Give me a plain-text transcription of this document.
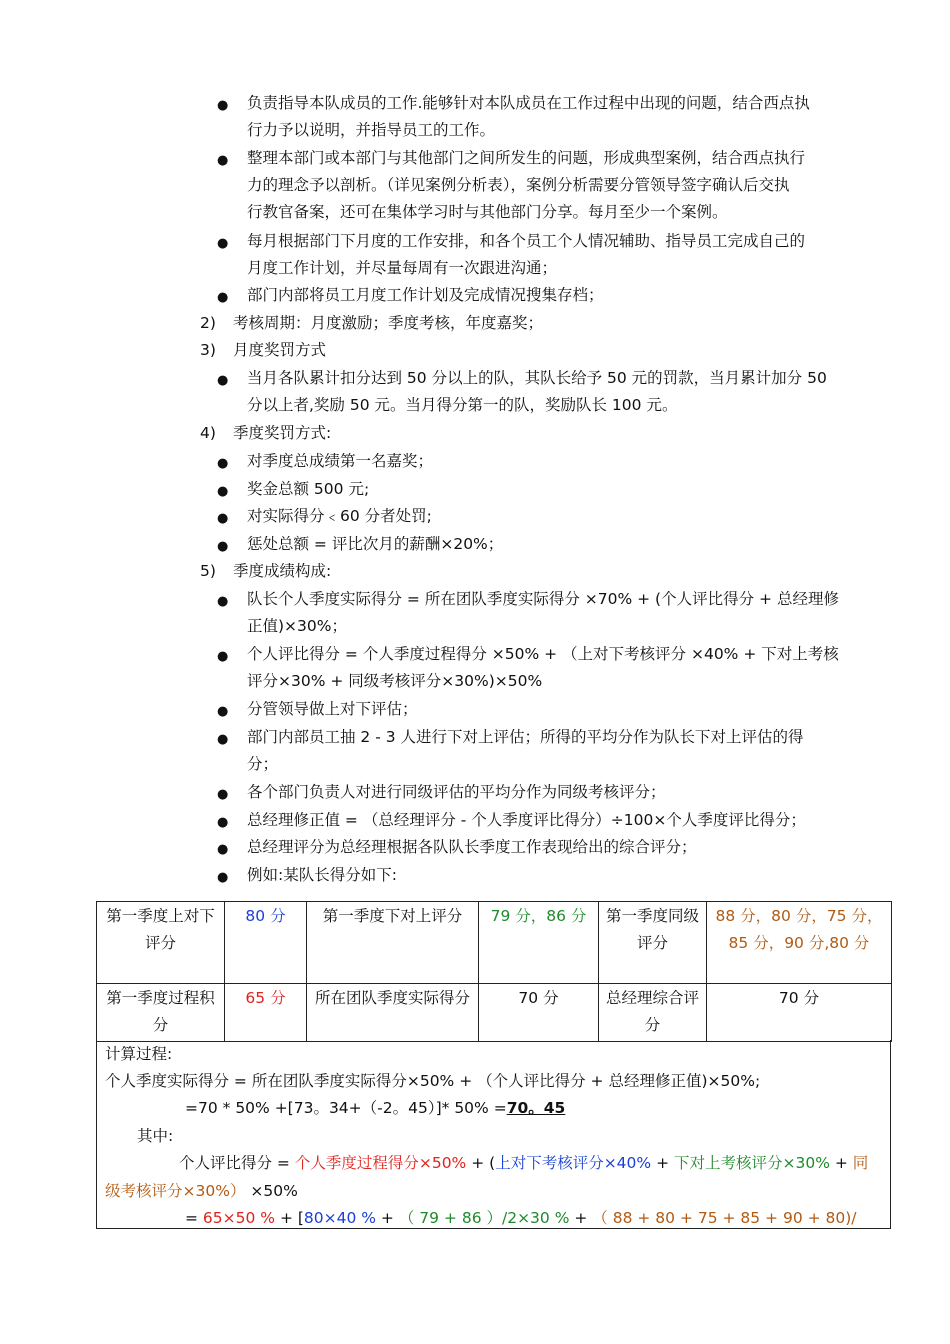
负责指导本队成员的工作.能够针对本队成员在工作过程中出现的问题，结合西点执
行力予以说明，并指导员工的工作。
整理本部门或本部门与其他部门之间所发生的问题，形成典型案例，结合西点执行
力的理念予以剖析。（详见案例分析表），案例分析需要分管领导签字确认后交执
行教官备案，还可在集体学习时与其他部门分享。每月至少一个案例。
每月根据部门下月度的工作安排，和各个员工个人情况辅助、指导员工完成自己的
月度工作计划，并尽量每周有一次跟进沟通；
部门内部将员工月度工作计划及完成情况搜集存档；
2) 考核周期：月度激励；季度考核，年度嘉奖；
3) 月度奖罚方式
当月各队累计扣分达到 50 分以上的队，其队长给予 50 元的罚款，当月累计加分 50
分以上者,奖励 50 元。当月得分第一的队，奖励队长 100 元。
4) 季度奖罚方式:
对季度总成绩第一名嘉奖；
奖金总额 500 元;
对实际得分﹤60 分者处罚;
惩处总额 = 评比次月的薪酬×20%；
5) 季度成绩构成:
队长个人季度实际得分 = 所在团队季度实际得分 ×70% + (个人评比得分 + 总经理修
正值)×30%；
个人评比得分 = 个人季度过程得分 ×50% + （上对下考核评分 ×40% + 下对上考核
评分×30% + 同级考核评分×30%)×50%
分管领导做上对下评估；
部门内部员工抽 2 - 3 人进行下对上评估；所得的平均分作为队长下对上评估的得
分；
各个部门负责人对进行同级评估的平均分作为同级考核评分；
总经理修正值 = （总经理评分 - 个人季度评比得分）÷100×个人季度评比得分；
总经理评分为总经理根据各队队长季度工作表现给出的综合评分；
例如:某队长得分如下:
第一季度上对下评分	80 分	第一季度下对上评分	79 分，86 分	第一季度同级评分	88 分，80 分，75 分，85 分，90 分,80 分
第一季度过程积分	65 分	所在团队季度实际得分	70 分	总经理综合评分	70 分
计算过程:
个人季度实际得分 = 所在团队季度实际得分×50% + （个人评比得分 + 总经理修正值)×50%;
=70 * 50% +[73。34+（-2。45）]* 50% =70。45
其中:
个人评比得分 = 个人季度过程得分×50% + (上对下考核评分×40% + 下对上考核评分×30% + 同
级考核评分×30%） ×50%
= 65×50 % + [80×40 % + （ 79 + 86 ）/2×30 % + （ 88 + 80 + 75 + 85 + 90 + 80)/
